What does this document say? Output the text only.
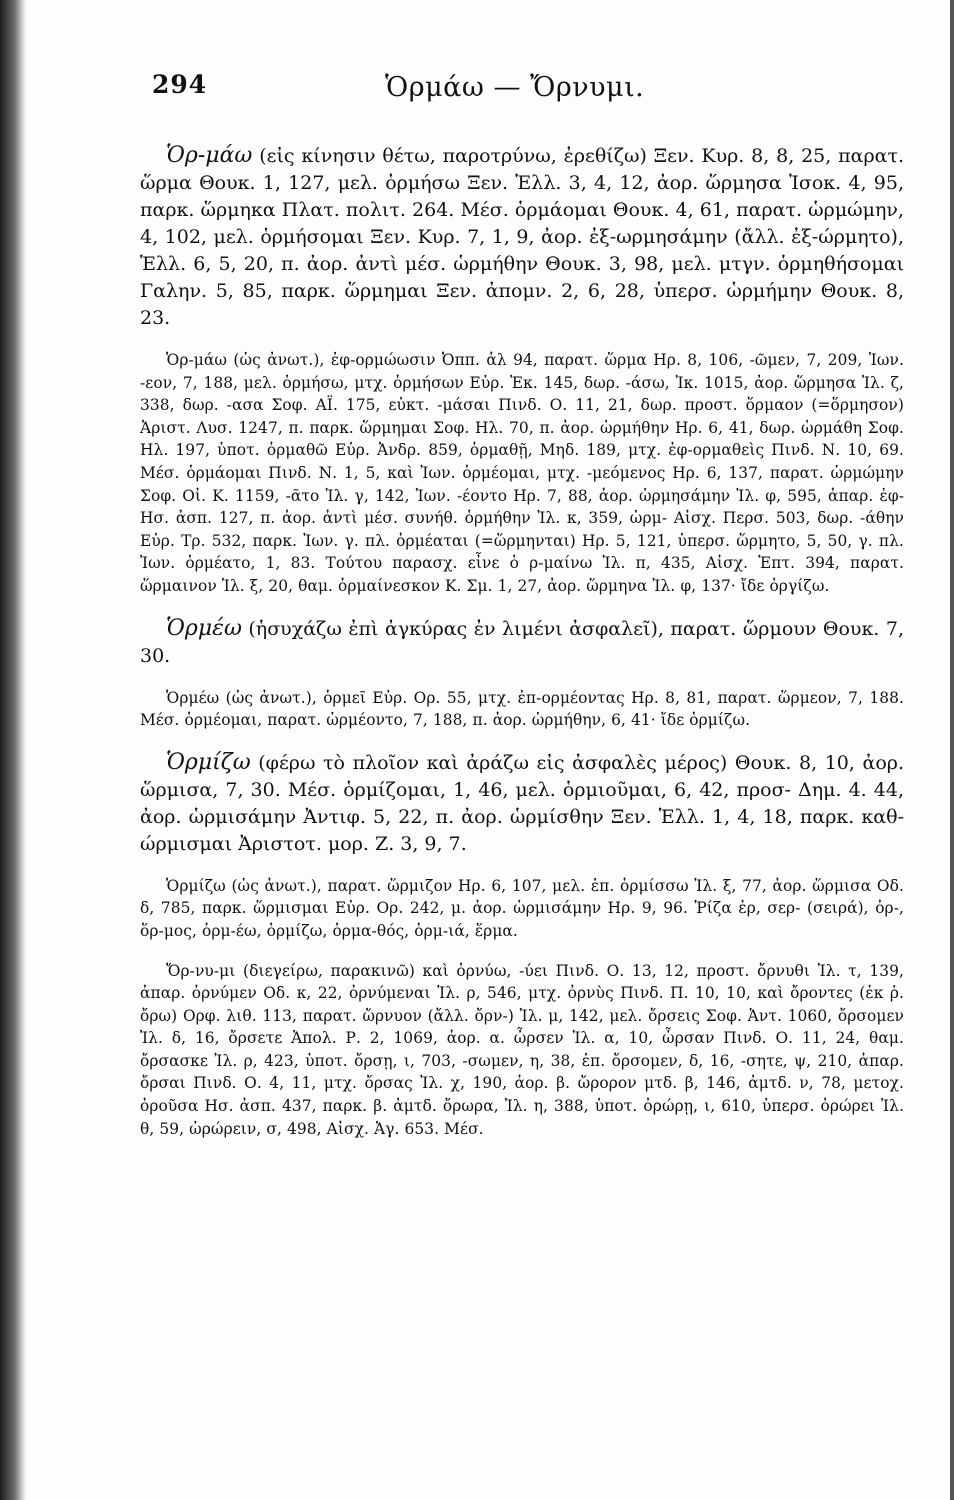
294	Ὁρμάω — Ὄρνυμι.

Ὁρ-μάω (εἰς κίνησιν θέτω, παροτρύνω, ἐρεθίζω) Ξεν. Κυρ. 8, 8, 25, παρατ. ὥρμα Θουκ. 1, 127, μελ. ὁρμήσω Ξεν. Ἑλλ. 3, 4, 12, ἀορ. ὥρμησα Ἰσοκ. 4, 95, παρκ. ὥρμηκα Πλατ. πολιτ. 264. Μέσ. ὁρμάομαι Θουκ. 4, 61, παρατ. ὡρμώμην, 4, 102, μελ. ὁρμήσομαι Ξεν. Κυρ. 7, 1, 9, ἀορ. ἐξ-ωρμησάμην (ἄλλ. ἐξ-ώρμητο), Ἑλλ. 6, 5, 20, π. ἀορ. ἀντὶ μέσ. ὡρμήθην Θουκ. 3, 98, μελ. μτγν. ὁρμηθήσομαι Γαλην. 5, 85, παρκ. ὥρμημαι Ξεν. ἀπομν. 2, 6, 28, ὑπερσ. ὡρμήμην Θουκ. 8, 23.

Ὁρ-μάω (ὡς ἀνωτ.), ἐφ-ορμώωσιν Ὀππ. ἁλ 94, παρατ. ὥρμα Ηρ. 8, 106, -ῶμεν, 7, 209, Ἰων. -εον, 7, 188, μελ. ὁρμήσω, μτχ. ὁρμήσων Εὐρ. Ἑκ. 145, δωρ. -άσω, Ἰκ. 1015, ἀορ. ὥρμησα Ἰλ. ζ, 338, δωρ. -ασα Σοφ. ΑΪ. 175, εὐκτ. -μάσαι Πινδ. Ο. 11, 21, δωρ. προστ. ὅρμαον (=ὅρμησον) Ἀριστ. Λυσ. 1247, π. παρκ. ὥρμημαι Σοφ. Ηλ. 70, π. ἀορ. ὡρμήθην Ηρ. 6, 41, δωρ. ὡρμάθη Σοφ. Ηλ. 197, ὑποτ. ὁρμαθῶ Εὐρ. Ἀνδρ. 859, ὁρμαθῇ, Μηδ. 189, μτχ. ἐφ-ορμαθεὶς Πινδ. Ν. 10, 69. Μέσ. ὁρμάομαι Πινδ. Ν. 1, 5, καὶ Ἰων. ὁρμέομαι, μτχ. -μεόμενος Ηρ. 6, 137, παρατ. ὡρμώμην Σοφ. Οἰ. Κ. 1159, -ᾶτο Ἰλ. γ, 142, Ἰων. -έοντο Ηρ. 7, 88, ἀορ. ὡρμησάμην Ἰλ. φ, 595, ἀπαρ. ἐφ- Ησ. ἀσπ. 127, π. ἀορ. ἀντὶ μέσ. συνήθ. ὁρμήθην Ἰλ. κ, 359, ὡρμ- Αἰσχ. Περσ. 503, δωρ. -άθην Εὐρ. Τρ. 532, παρκ. Ἰων. γ. πλ. ὁρμέαται (=ὥρμηνται) Ηρ. 5, 121, ὑπερσ. ὥρμητο, 5, 50, γ. πλ. Ἰων. ὁρμέατο, 1, 83. Τούτου παρασχ. εἶνε ὁ ρ-μαίνω Ἰλ. π, 435, Αἰσχ. Ἑπτ. 394, παρατ. ὥρμαινον Ἰλ. ξ, 20, θαμ. ὁρμαίνεσκον Κ. Σμ. 1, 27, ἀορ. ὥρμηνα Ἰλ. φ, 137· ἴδε ὀργίζω.

Ὁρμέω (ἡσυχάζω ἐπὶ ἀγκύρας ἐν λιμένι ἀσφαλεῖ), παρατ. ὥρμουν Θουκ. 7, 30.

Ὁρμέω (ὡς ἀνωτ.), ὁρμεῖ Εὐρ. Ορ. 55, μτχ. ἐπ-ορμέοντας Ηρ. 8, 81, παρατ. ὥρμεον, 7, 188. Μέσ. ὁρμέομαι, παρατ. ὡρμέοντο, 7, 188, π. ἀορ. ὡρμήθην, 6, 41· ἴδε ὁρμίζω.

Ὁρμίζω (φέρω τὸ πλοῖον καὶ ἀράζω εἰς ἀσφαλὲς μέρος) Θουκ. 8, 10, ἀορ. ὥρμισα, 7, 30. Μέσ. ὁρμίζομαι, 1, 46, μελ. ὁρμιοῦμαι, 6, 42, προσ- Δημ. 4. 44, ἀορ. ὡρμισάμην Ἀντιφ. 5, 22, π. ἀορ. ὡρμίσθην Ξεν. Ἑλλ. 1, 4, 18, παρκ. καθ-ώρμισμαι Ἀριστοτ. μορ. Ζ. 3, 9, 7.

Ὁρμίζω (ὡς ἀνωτ.), παρατ. ὥρμιζον Ηρ. 6, 107, μελ. ἐπ. ὁρμίσσω Ἰλ. ξ, 77, ἀορ. ὥρμισα Οδ. δ, 785, παρκ. ὥρμισμαι Εὐρ. Ορ. 242, μ. ἀορ. ὡρμισάμην Ηρ. 9, 96. Ῥίζα ἐρ, σερ- (σειρά), ὀρ-, ὅρ-μος, ὁρμ-έω, ὁρμίζω, ὁρμα-θός, ὁρμ-ιά, ἕρμα.

Ὄρ-νυ-μι (διεγείρω, παρακινῶ) καὶ ὀρνύω, -ύει Πινδ. Ο. 13, 12, προστ. ὄρνυθι Ἰλ. τ, 139, ἀπαρ. ὀρνύμεν Οδ. κ, 22, ὀρνύμεναι Ἰλ. ρ, 546, μτχ. ὀρνὺς Πινδ. Π. 10, 10, καὶ ὄροντες (ἐκ ῥ. ὄρω) Ορφ. λιθ. 113, παρατ. ὤρνυον (ἄλλ. ὄρν-) Ἰλ. μ, 142, μελ. ὄρσεις Σοφ. Ἀντ. 1060, ὄρσομεν Ἰλ. δ, 16, ὄρσετε Ἀπολ. Ρ. 2, 1069, ἀορ. α. ὦρσεν Ἰλ. α, 10, ὦρσαν Πινδ. Ο. 11, 24, θαμ. ὄρσασκε Ἰλ. ρ, 423, ὑποτ. ὄρσῃ, ι, 703, -σωμεν, η, 38, ἐπ. ὄρσομεν, δ, 16, -σητε, ψ, 210, ἀπαρ. ὄρσαι Πινδ. Ο. 4, 11, μτχ. ὄρσας Ἰλ. χ, 190, ἀορ. β. ὤρορον μτδ. β, 146, ἀμτδ. ν, 78, μετοχ. ὀροῦσα Ησ. ἀσπ. 437, παρκ. β. ἀμτδ. ὄρωρα, Ἰλ. η, 388, ὑποτ. ὀρώρῃ, ι, 610, ὑπερσ. ὀρώρει Ἰλ. θ, 59, ὠρώρειν, σ, 498, Αἰσχ. Ἀγ. 653. Μέσ.
